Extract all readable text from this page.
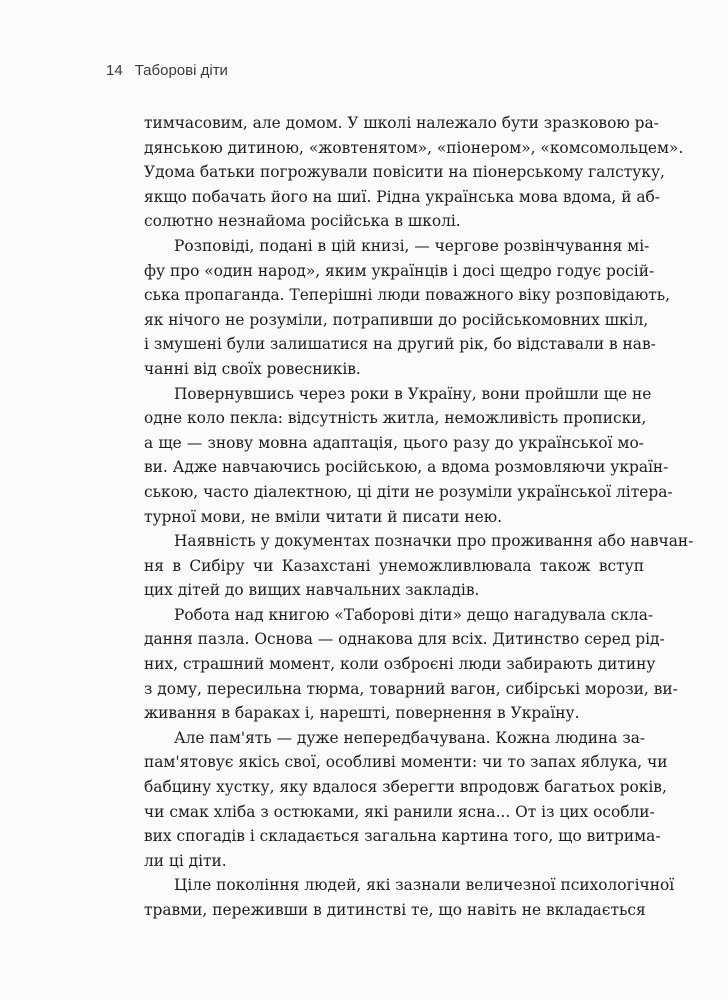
14 Таборові діти
тимчасовим, але домом. У школі належало бути зразковою ра-
дянською дитиною, «жовтенятом», «піонером», «комсомольцем».
Удома батьки погрожували повісити на піонерському галстуку,
якщо побачать його на шиї. Рідна українська мова вдома, й аб-
солютно незнайома російська в школі.
Розповіді, подані в цій книзі, — чергове розвінчування мі-
фу про «один народ», яким українців і досі щедро годує росій-
ська пропаганда. Теперішні люди поважного віку розповідають,
як нічого не розуміли, потрапивши до російськомовних шкіл,
і змушені були залишатися на другий рік, бо відставали в нав-
чанні від своїх ровесників.
Повернувшись через роки в Україну, вони пройшли ще не
одне коло пекла: відсутність житла, неможливість прописки,
а ще — знову мовна адаптація, цього разу до української мо-
ви. Адже навчаючись російською, а вдома розмовляючи україн-
ською, часто діалектною, ці діти не розуміли української літера-
турної мови, не вміли читати й писати нею.
Наявність у документах позначки про проживання або навчан-
ня в Сибіру чи Казахстані унеможливлювала також вступ
цих дітей до вищих навчальних закладів.
Робота над книгою «Таборові діти» дещо нагадувала скла-
дання пазла. Основа — однакова для всіх. Дитинство серед рід-
них, страшний момент, коли озброєні люди забирають дитину
з дому, пересильна тюрма, товарний вагон, сибірські морози, ви-
живання в бараках і, нарешті, повернення в Україну.
Але пам'ять — дуже непередбачувана. Кожна людина за-
пам'ятовує якісь свої, особливі моменти: чи то запах яблука, чи
бабцину хустку, яку вдалося зберегти впродовж багатьох років,
чи смак хліба з остюками, які ранили ясна... От із цих особли-
вих спогадів і складається загальна картина того, що витрима-
ли ці діти.
Ціле покоління людей, які зазнали величезної психологічної
травми, переживши в дитинстві те, що навіть не вкладається
